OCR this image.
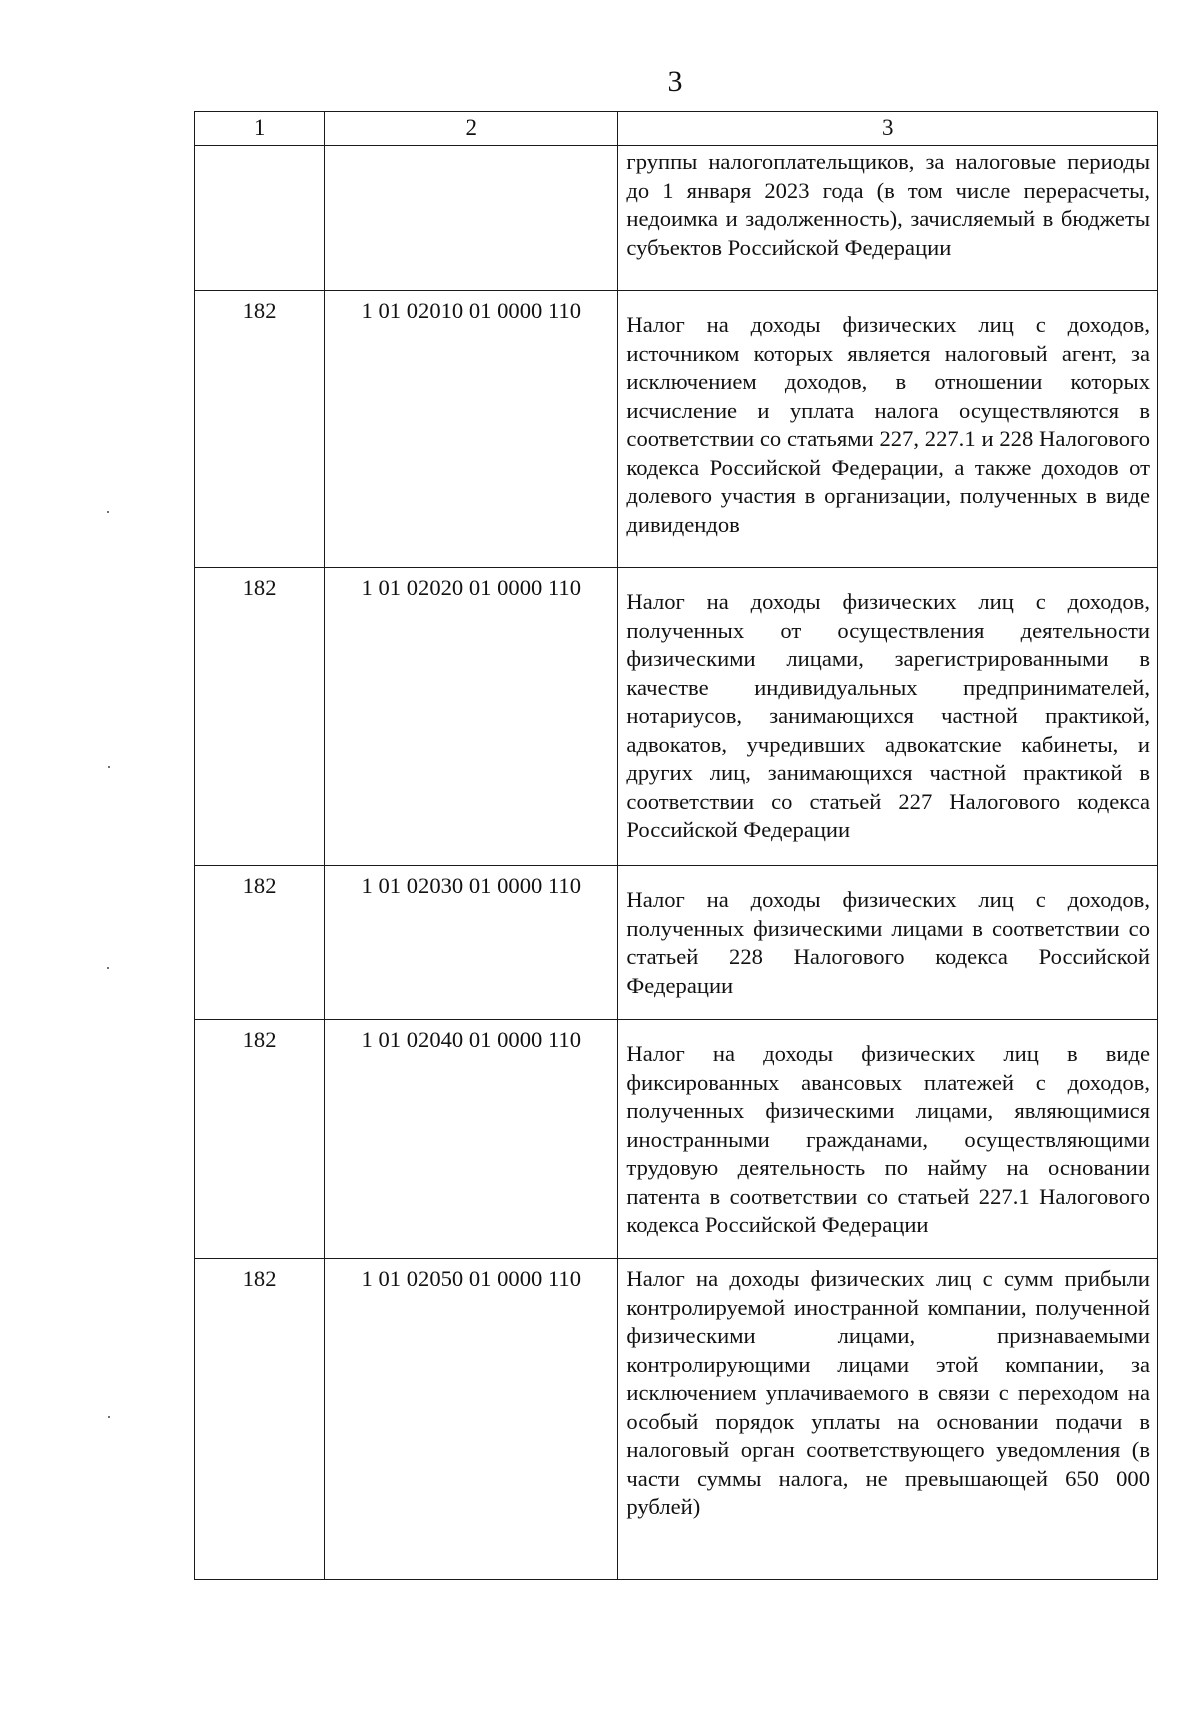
3
1	2	3

		группы налогоплательщиков, за налоговые периоды до 1 января 2023 года (в том числе перерасчеты, недоимка и задолженность), зачисляемый в бюджеты субъектов Российской Федерации

182	1 01 02010 01 0000 110	Налог на доходы физических лиц с доходов, источником которых является налоговый агент, за исключением доходов, в отношении которых исчисление и уплата налога осуществляются в соответствии со статьями 227, 227.1 и 228 Налогового кодекса Российской Федерации, а также доходов от долевого участия в организации, полученных в виде дивидендов

182	1 01 02020 01 0000 110	Налог на доходы физических лиц с доходов, полученных от осуществления деятельности физическими лицами, зарегистрированными в качестве индивидуальных предпринимателей, нотариусов, занимающихся частной практикой, адвокатов, учредивших адвокатские кабинеты, и других лиц, занимающихся частной практикой в соответствии со статьей 227 Налогового кодекса Российской Федерации

182	1 01 02030 01 0000 110	Налог на доходы физических лиц с доходов, полученных физическими лицами в соответствии со статьей 228 Налогового кодекса Российской Федерации

182	1 01 02040 01 0000 110	Налог на доходы физических лиц в виде фиксированных авансовых платежей с доходов, полученных физическими лицами, являющимися иностранными гражданами, осуществляющими трудовую деятельность по найму на основании патента в соответствии со статьей 227.1 Налогового кодекса Российской Федерации

182	1 01 02050 01 0000 110	Налог на доходы физических лиц с сумм прибыли контролируемой иностранной компании, полученной физическими лицами, признаваемыми контролирующими лицами этой компании, за исключением уплачиваемого в связи с переходом на особый порядок уплаты на основании подачи в налоговый орган соответствующего уведомления (в части суммы налога, не превышающей 650 000 рублей)
